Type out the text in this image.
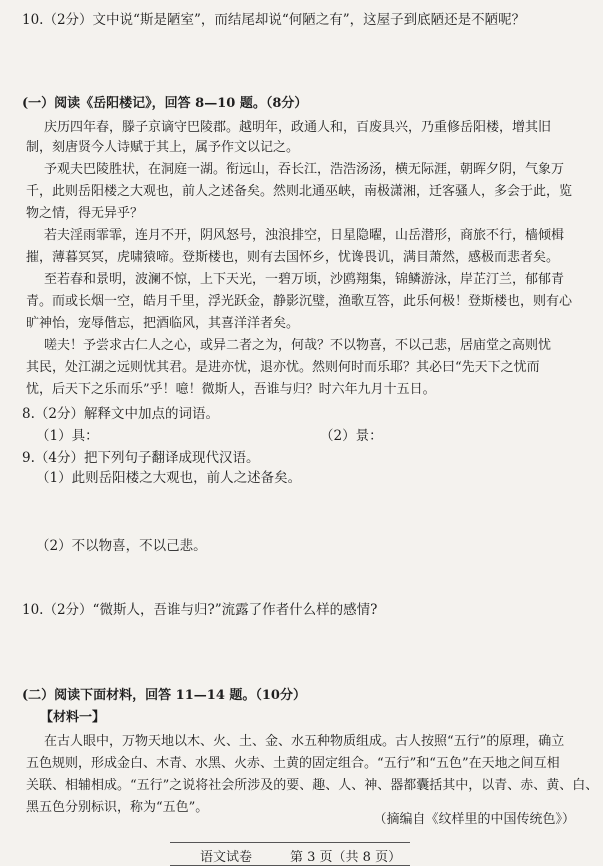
10.（2分）文中说“斯是陋室”，而结尾却说“何陋之有”，这屋子到底陋还是不陋呢？
(一）阅读《岳阳楼记》，回答 8—10 题。（8分）
庆历四年春，滕子京谪守巴陵郡。越明年，政通人和，百废具兴，乃重修岳阳楼，增其旧
制，刻唐贤今人诗赋于其上，属予作文以记之。
予观夫巴陵胜状，在洞庭一湖。衔远山，吞长江，浩浩汤汤，横无际涯，朝晖夕阴，气象万
千，此则岳阳楼之大观也，前人之述备矣。然则北通巫峡，南极潇湘，迁客骚人，多会于此，览
物之情，得无异乎？
若夫淫雨霏霏，连月不开，阴风怒号，浊浪排空，日星隐曜，山岳潜形，商旅不行，樯倾楫
摧，薄暮冥冥，虎啸猿啼。登斯楼也，则有去国怀乡，忧谗畏讥，满目萧然，感极而悲者矣。
至若春和景明，波澜不惊，上下天光，一碧万顷，沙鸥翔集，锦鳞游泳，岸芷汀兰，郁郁青
青。而或长烟一空，皓月千里，浮光跃金，静影沉璧，渔歌互答，此乐何极！登斯楼也，则有心
旷神怡，宠辱偕忘，把酒临风，其喜洋洋者矣。
嗟夫！予尝求古仁人之心，或异二者之为，何哉？不以物喜，不以己悲，居庙堂之高则忧
其民，处江湖之远则忧其君。是进亦忧，退亦忧。然则何时而乐耶？其必曰“先天下之忧而
忧，后天下之乐而乐”乎！噫！微斯人，吾谁与归？时六年九月十五日。
8.（2分）解释文中加点的词语。
（1）具：	（2）景：
9.（4分）把下列句子翻译成现代汉语。
（1）此则岳阳楼之大观也，前人之述备矣。
（2）不以物喜，不以己悲。
10.（2分）“微斯人，吾谁与归?”流露了作者什么样的感情?
(二）阅读下面材料，回答 11—14 题。（10分）
【材料一】
在古人眼中，万物天地以木、火、土、金、水五种物质组成。古人按照“五行”的原理，确立
五色规则，形成金白、木青、水黑、火赤、土黄的固定组合。“五行”和“五色”在天地之间互相
关联、相辅相成。“五行”之说将社会所涉及的要、趣、人、神、器都囊括其中，以青、赤、黄、白、
黑五色分别标识，称为“五色”。
（摘编自《纹样里的中国传统色》）
语文试卷	第 3 页（共 8 页）
